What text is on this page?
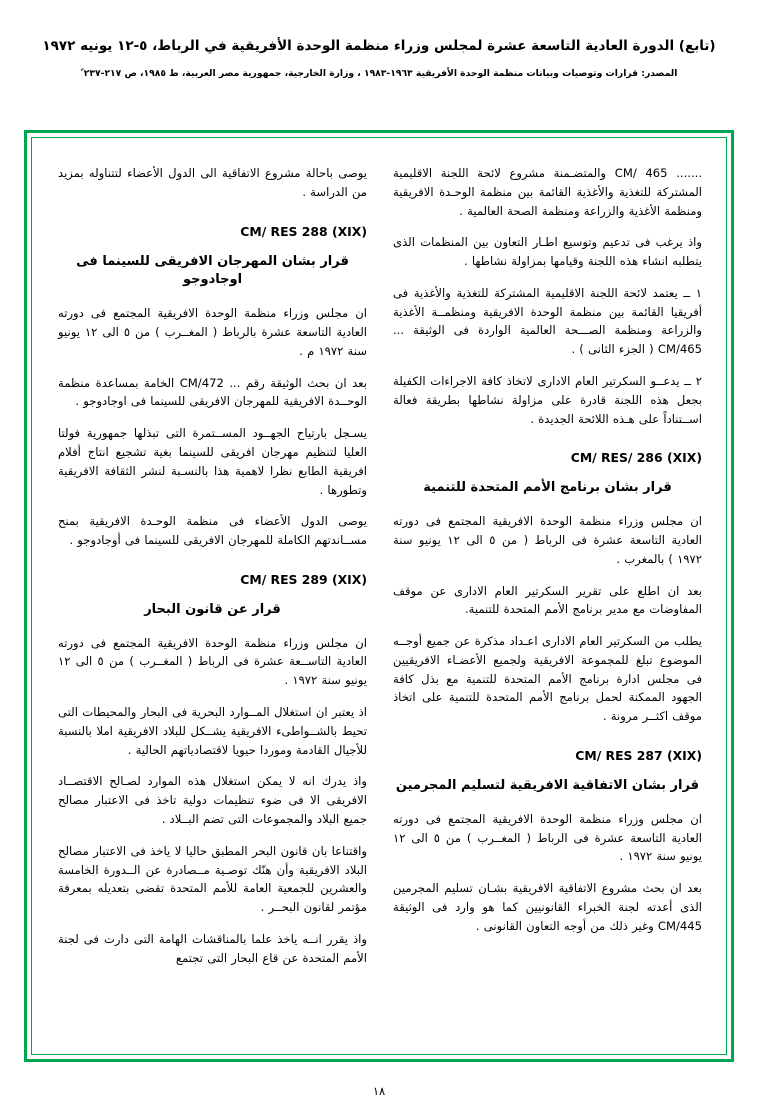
(تابع) الدورة العادية التاسعة عشرة لمجلس وزراء منظمة الوحدة الأفريقية في الرباط، ٥-١٢ يونيه ١٩٧٢
المصدر: قرارات وتوصيات وبيانات منظمة الوحدة الأفريقية ١٩٦٣-١٩٨٣ ، وزارة الخارجية، جمهورية مصر العربية، ط ١٩٨٥، ص ٢١٧-٢٣٧ ً
....... CM/ 465 والمتضـمنة مشروع لائحة اللجنة الاقليمية المشتركة للتغذية والأغذية القائمة بين منظمة الوحـدة الافريقية ومنظمة الأغذية والزراعة ومنظمة الصحة العالمية .
واذ يرغب فى تدعيم وتوسيع اطـار التعاون بين المنظمات الذى يتطلبه انشاء هذه اللجنة وقيامها بمزاولة نشاطها .
١ ــ يعتمد لائحة اللجنة الاقليمية المشتركة للتغذية والأغذية فى أفريقيا القائمة بين منظمة الوحدة الافريقية ومنظمــة الأغذية والزراعة ومنظمة الصـــحة العالمية الواردة فى الوثيقة ... CM/465 ( الجزء الثانى ) .
٢ ــ يدعــو السكرتير العام الادارى لاتخاذ كافة الاجراءات الكفيلة بجعل هذه اللجنة قادرة على مزاولة نشاطها بطريقة فعالة اســتناداً على هـذه اللائحة الجديدة .
CM/ RES/ 286 (XIX)
قرار بشان برنامج الأمم المتحدة للتنمية
ان مجلس وزراء منظمة الوحدة الافريقية المجتمع فى دورته العادية التاسعة عشرة فى الرباط ( من ٥ الى ١٢ يونيو سنة ١٩٧٢ ) بالمغرب .
بعد ان اطلع على تقرير السكرتير العام الادارى عن موقف المفاوضات مع مدير برنامج الأمم المتحدة للتنمية.
يطلب من السكرتير العام الادارى اعـداد مذكرة عن جميع أوجــه الموضوع تبلغ للمجموعة الافريقية ولجميع الأعضـاء الافريقيين فى مجلس ادارة برنامج الأمم المتحدة للتنمية مع بذل كافة الجهود الممكنة لحمل برنامج الأمم المتحدة للتنمية على اتخاذ موقف اكثــر مرونة .
CM/ RES 287 (XIX)
قرار بشان الاتفاقية الافريقية لتسليم المجرمين
ان مجلس وزراء منظمة الوحدة الافريقية المجتمع فى دورته العادية التاسعة عشرة فى الرباط ( المغــرب ) من ٥ الى ١٢ يونيو سنة ١٩٧٢ .
بعد ان بحث مشروع الاتفاقية الافريقية بشـان تسليم المجرمين الذى أعدته لجنة الخبراء القانونيين كما هو وارد فى الوثيقة CM/445 وغير ذلك من أوجه التعاون القانونى .
يوصى باحالة مشروع الاتفاقية الى الدول الأعضاء لتتناوله بمزيد من الدراسة .
CM/ RES 288 (XIX)
قرار بشان المهرجان الافريقى للسينما فى اوجادوجو
ان مجلس وزراء منظمة الوحدة الافريقية المجتمع فى دورته العادية التاسعة عشرة بالرباط ( المغــرب ) من ٥ الى ١٢ يونيو سنة ١٩٧٢ م .
بعد ان بحث الوثيقة رقم ... CM/472 الخامة بمساعدة منظمة الوحــدة الافريقية للمهرجان الافريقى للسينما فى اوجادوجو .
يسـجل بارتياح الجهــود المســتمرة التى تبذلها جمهورية فولتا العليا لتنظيم مهرجان افريقى للسينما بغية تشجيع انتاج أفلام افريقية الطابع نظرا لاهمية هذا بالنسـبة لنشر الثقافة الافريقية وتطورها .
يوصى الدول الأعضاء فى منظمة الوحـدة الافريقية بمنح مســاندتهم الكاملة للمهرجان الافريقى للسينما فى أوجادوجو .
CM/ RES 289 (XIX)
قرار عن قانون البحار
ان مجلس وزراء منظمة الوحدة الافريقية المجتمع فى دورته العادية التاســعة عشرة فى الرباط ( المغــرب ) من ٥ الى ١٢ يونيو سنة ١٩٧٢ .
اذ يعتبر ان استغلال المــوارد البحرية فى البحار والمحيطات التى تحيط بالشــواطىء الافريقية يشــكل للبلاد الافريقية املا بالنسبة للأجيال القادمة وموردا حيويا لاقتصادياتهم الحالية .
واذ يدرك انه لا يمكن استغلال هذه الموارد لصـالح الاقتصــاد الافريقى الا فى ضوء تنظيمات دولية تاخذ فى الاعتبار مصالح جميع البلاد والمجموعات التى تضم البــلاد .
واقتناعا بان قانون البحر المطبق حاليا لا ياخذ فى الاعتبار مصالح البلاد الافريقية وأن هنّك توصـية مــصادرة عن الــدورة الخامسة والعشرين للجمعية العامة للأمم المتحدة تقضى بتعديله بمعرفة مؤتمر لقانون البحــر .
واذ يقرر انــه ياخذ علما بالمناقشات الهامة التى دارت فى لجنة الأمم المتحدة عن قاع البحار التى تجتمع
١٨
